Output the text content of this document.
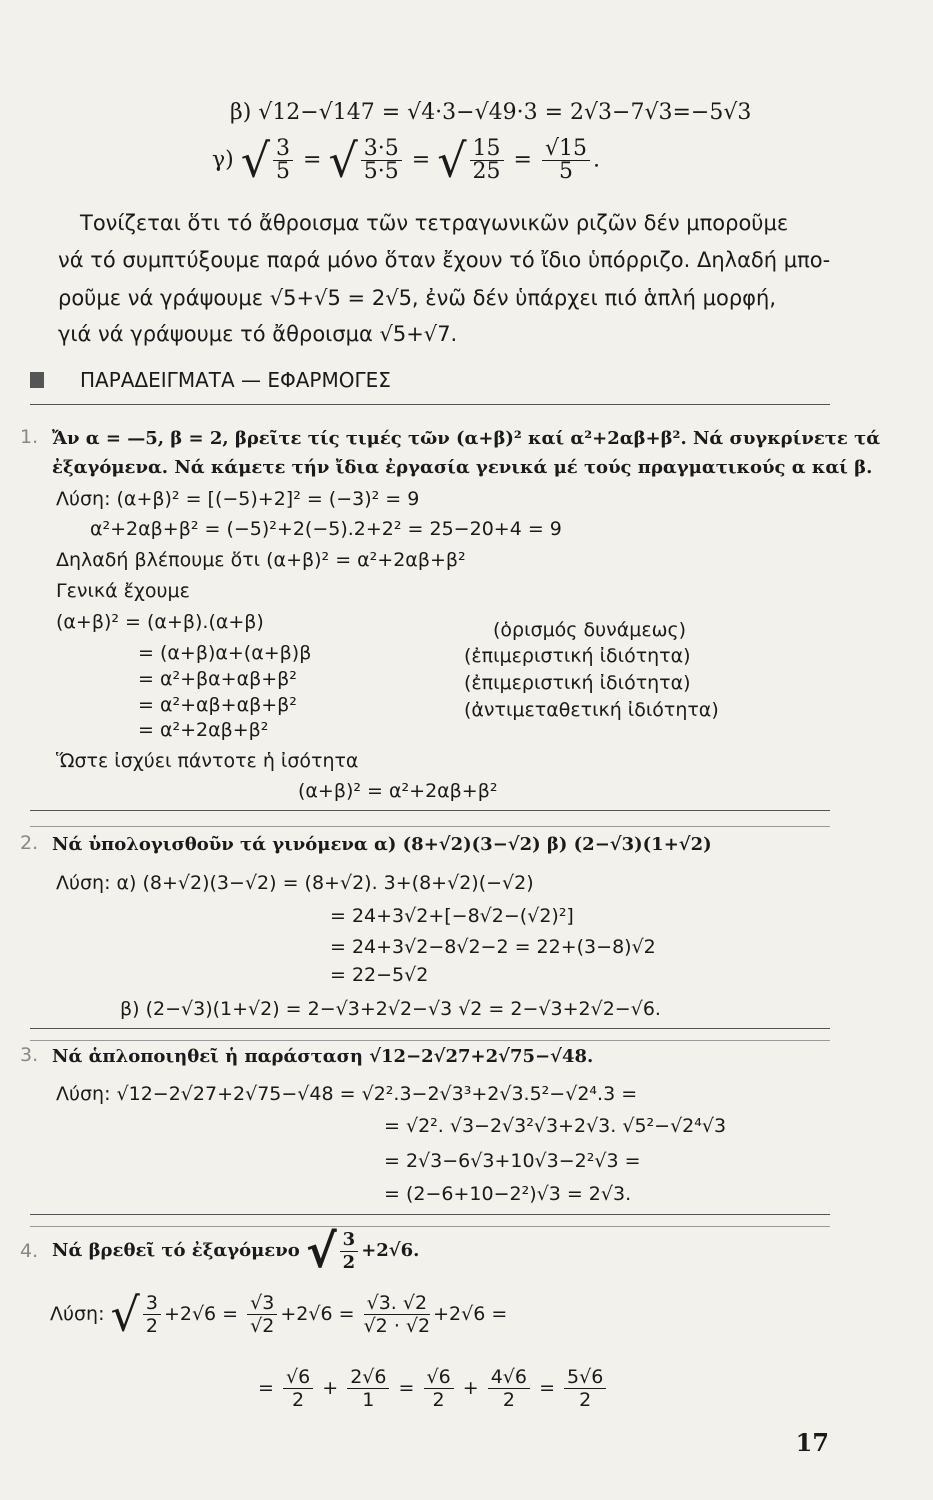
β) √12−√147 = √4·3−√49·3 = 2√3−7√3=−5√3
γ) √ $\frac{3}{5}$ = √ $\frac{3\cdot 5}{5\cdot 5}$ = √ $\frac{15}{25} = \frac{√15}{5}$ .
Τονίζεται ὅτι τό ἄθροισμα τῶν τετραγωνικῶν ριζῶν δέν μποροῦμε
νά τό συμπτύξουμε παρά μόνο ὅταν ἔχουν τό ἴδιο ὑπόρριζο. Δηλαδή μπο-
ροῦμε νά γράψουμε √5+√5 = 2√5, ἐνῶ δέν ὑπάρχει πιό ἁπλή μορφή,
γιά νά γράψουμε τό ἄθροισμα √5+√7.
ΠΑΡΑΔΕΙΓΜΑΤΑ — ΕΦΑΡΜΟΓΕΣ
1. Ἄν α = —5, β = 2, βρεῖτε τίς τιμές τῶν (α+β)² καί α²+2αβ+β². Νά συγκρίνετε τά
ἐξαγόμενα. Νά κάμετε τήν ἴδια ἐργασία γενικά μέ τούς πραγματικούς α καί β.
Λύση: (α+β)² = [(−5)+2]² = (−3)² = 9
α²+2αβ+β² = (−5)²+2(−5).2+2² = 25−20+4 = 9
Δηλαδή βλέπουμε ὅτι (α+β)² = α²+2αβ+β²
Γενικά ἔχουμε
(α+β)² = (α+β).(α+β)	(ὁρισμός δυνάμεως)
= (α+β)α+(α+β)β	(ἐπιμεριστική ἰδιότητα)
= α²+βα+αβ+β²	(ἐπιμεριστική ἰδιότητα)
= α²+αβ+αβ+β²	(ἀντιμεταθετική ἰδιότητα)
= α²+2αβ+β²
Ὥστε ἰσχύει πάντοτε ἡ ἰσότητα
(α+β)² = α²+2αβ+β²
2. Νά ὑπολογισθοῦν τά γινόμενα α) (8+√2)(3−√2) β) (2−√3)(1+√2)
Λύση: α) (8+√2)(3−√2) = (8+√2). 3+(8+√2)(−√2)
= 24+3√2+[−8√2−(√2)²]
= 24+3√2−8√2−2 = 22+(3−8)√2
= 22−5√2
β) (2−√3)(1+√2) = 2−√3+2√2−√3 √2 = 2−√3+2√2−√6.
3. Νά ἁπλοποιηθεῖ ἡ παράσταση √12−2√27+2√75−√48.
Λύση: √12−2√27+2√75−√48 = √2².3−2√3³+2√3.5²−√2⁴.3 =
= √2². √3−2√3²√3+2√3. √5²−√2⁴√3
= 2√3−6√3+10√3−2²√3 =
= (2−6+10−2²)√3 = 2√3.
4. Νά βρεθεῖ τό ἐξαγόμενο √ $\frac{3}{2} +2√6$.
Λύση: √ $\frac{3}{2} +2√6 = \frac{√3}{√2} +2√6 = \frac{√3. √2}{√2 \cdot √2} +2√6$ =
= $\frac{√6}{2} + \frac{2√6}{1} = \frac{√6}{2} + \frac{4√6}{2} = \frac{5√6}{2}$
17
